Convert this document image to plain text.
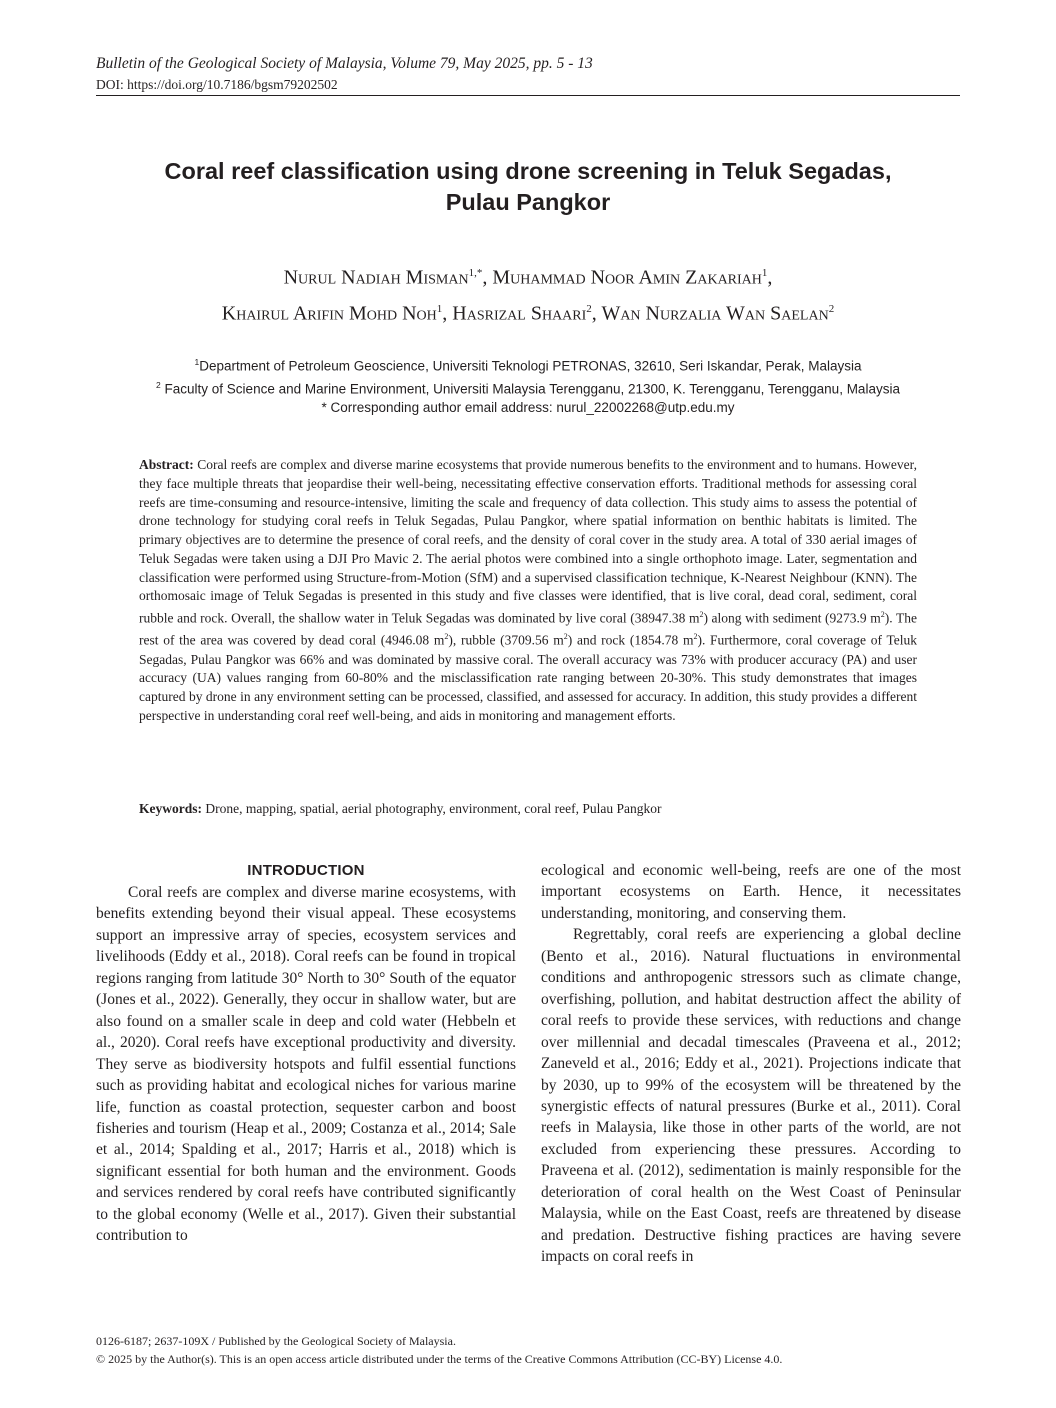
Bulletin of the Geological Society of Malaysia, Volume 79, May 2025, pp. 5 - 13
DOI: https://doi.org/10.7186/bgsm79202502
Coral reef classification using drone screening in Teluk Segadas,
Pulau Pangkor
Nurul Nadiah Misman$^{1,*}$, Muhammad Noor Amin Zakariah$^1$,
Khairul Arifin Mohd Noh$^1$, Hasrizal Shaari$^2$, Wan Nurzalia Wan Saelan$^2$
$^1$Department of Petroleum Geoscience, Universiti Teknologi PETRONAS, 32610, Seri Iskandar, Perak, Malaysia
$^2$ Faculty of Science and Marine Environment, Universiti Malaysia Terengganu, 21300, K. Terengganu, Terengganu, Malaysia
* Corresponding author email address: nurul_22002268@utp.edu.my
Abstract: Coral reefs are complex and diverse marine ecosystems that provide numerous benefits to the environment and to humans. However, they face multiple threats that jeopardise their well-being, necessitating effective conservation efforts. Traditional methods for assessing coral reefs are time-consuming and resource-intensive, limiting the scale and frequency of data collection. This study aims to assess the potential of drone technology for studying coral reefs in Teluk Segadas, Pulau Pangkor, where spatial information on benthic habitats is limited. The primary objectives are to determine the presence of coral reefs, and the density of coral cover in the study area. A total of 330 aerial images of Teluk Segadas were taken using a DJI Pro Mavic 2. The aerial photos were combined into a single orthophoto image. Later, segmentation and classification were performed using Structure-from-Motion (SfM) and a supervised classification technique, K-Nearest Neighbour (KNN). The orthomosaic image of Teluk Segadas is presented in this study and five classes were identified, that is live coral, dead coral, sediment, coral rubble and rock. Overall, the shallow water in Teluk Segadas was dominated by live coral (38947.38 $m^2$) along with sediment (9273.9 $m^2$). The rest of the area was covered by dead coral (4946.08 $m^2$), rubble (3709.56 $m^2$) and rock (1854.78 $m^2$). Furthermore, coral coverage of Teluk Segadas, Pulau Pangkor was 66% and was dominated by massive coral. The overall accuracy was 73% with producer accuracy (PA) and user accuracy (UA) values ranging from 60-80% and the misclassification rate ranging between 20-30%. This study demonstrates that images captured by drone in any environment setting can be processed, classified, and assessed for accuracy. In addition, this study provides a different perspective in understanding coral reef well-being, and aids in monitoring and management efforts.
Keywords: Drone, mapping, spatial, aerial photography, environment, coral reef, Pulau Pangkor
INTRODUCTION

Coral reefs are complex and diverse marine ecosystems, with benefits extending beyond their visual appeal. These ecosystems support an impressive array of species, ecosystem services and livelihoods (Eddy et al., 2018). Coral reefs can be found in tropical regions ranging from latitude 30° North to 30° South of the equator (Jones et al., 2022). Generally, they occur in shallow water, but are also found on a smaller scale in deep and cold water (Hebbeln et al., 2020). Coral reefs have exceptional productivity and diversity. They serve as biodiversity hotspots and fulfil essential functions such as providing habitat and ecological niches for various marine life, function as coastal protection, sequester carbon and boost fisheries and tourism (Heap et al., 2009; Costanza et al., 2014; Sale et al., 2014; Spalding et al., 2017; Harris et al., 2018) which is significant essential for both human and the environment. Goods and services rendered by coral reefs have contributed significantly to the global economy (Welle et al., 2017). Given their substantial contribution to

ecological and economic well-being, reefs are one of the most important ecosystems on Earth. Hence, it necessitates understanding, monitoring, and conserving them.

Regrettably, coral reefs are experiencing a global decline (Bento et al., 2016). Natural fluctuations in environmental conditions and anthropogenic stressors such as climate change, overfishing, pollution, and habitat destruction affect the ability of coral reefs to provide these services, with reductions and change over millennial and decadal timescales (Praveena et al., 2012; Zaneveld et al., 2016; Eddy et al., 2021). Projections indicate that by 2030, up to 99% of the ecosystem will be threatened by the synergistic effects of natural pressures (Burke et al., 2011). Coral reefs in Malaysia, like those in other parts of the world, are not excluded from experiencing these pressures. According to Praveena et al. (2012), sedimentation is mainly responsible for the deterioration of coral health on the West Coast of Peninsular Malaysia, while on the East Coast, reefs are threatened by disease and predation. Destructive fishing practices are having severe impacts on coral reefs in

0126-6187; 2637-109X / Published by the Geological Society of Malaysia.
© 2025 by the Author(s). This is an open access article distributed under the terms of the Creative Commons Attribution (CC-BY) License 4.0.
